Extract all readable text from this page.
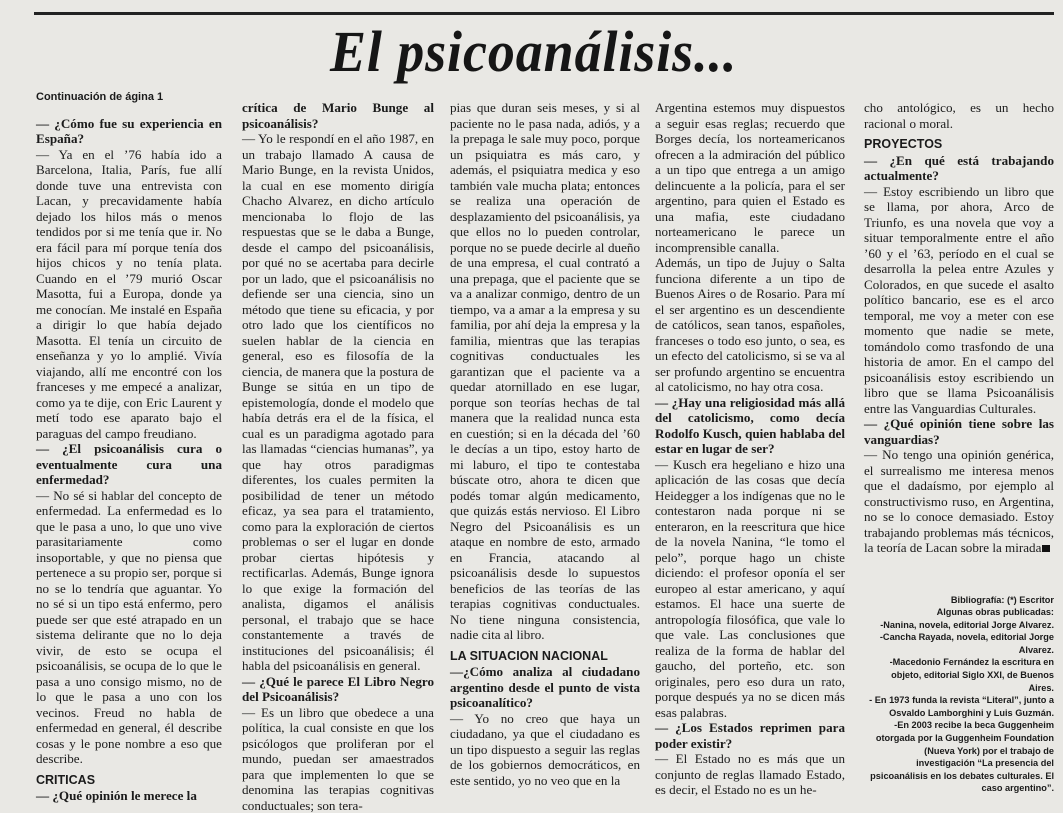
El psicoanálisis...

Continuación de ágina 1

— ¿Cómo fue su experiencia en España?

— Ya en el ’76 había ido a Barcelona, Italia, París, fue allí donde tuve una entrevista con Lacan, y precavidamente había dejado los hilos más o menos tendidos por si me tenía que ir. No era fácil para mí porque tenía dos hijos chicos y no tenía plata. Cuando en el ’79 murió Oscar Masotta, fui a Europa, donde ya me conocían. Me instalé en España a dirigir lo que había dejado Masotta. El tenía un circuito de enseñanza y yo lo amplié. Vivía viajando, allí me encontré con los franceses y me empecé a analizar, como ya te dije, con Eric Laurent y metí todo ese aparato bajo el paraguas del campo freudiano.

— ¿El psicoanálisis cura o eventualmente cura una enfermedad?

— No sé si hablar del concepto de enfermedad. La enfermedad es lo que le pasa a uno, lo que uno vive parasitariamente como insoportable, y que no piensa que pertenece a su propio ser, porque si no se lo tendría que aguantar. Yo no sé si un tipo está enfermo, pero puede ser que esté atrapado en un sistema delirante que no lo deja vivir, de esto se ocupa el psicoanálisis, se ocupa de lo que le pasa a uno consigo mismo, no de lo que le pasa a uno con los vecinos. Freud no habla de enfermedad en general, él describe cosas y le pone nombre a eso que describe.

CRITICAS

— ¿Qué opinión le merece la

crítica de Mario Bunge al psicoanálisis?

— Yo le respondí en el año 1987, en un trabajo llamado A causa de Mario Bunge, en la revista Unidos, la cual en ese momento dirigía Chacho Alvarez, en dicho artículo mencionaba lo flojo de las respuestas que se le daba a Bunge, desde el campo del psicoanálisis, por qué no se acertaba para decirle por un lado, que el psicoanálisis no defiende ser una ciencia, sino un método que tiene su eficacia, y por otro lado que los científicos no suelen hablar de la ciencia en general, eso es filosofía de la ciencia, de manera que la postura de Bunge se sitúa en un tipo de epistemología, donde el modelo que había detrás era el de la física, el cual es un paradigma agotado para las llamadas “ciencias humanas”, ya que hay otros paradigmas diferentes, los cuales permiten la posibilidad de tener un método eficaz, ya sea para el tratamiento, como para la exploración de ciertos problemas o ser el lugar en donde probar ciertas hipótesis y rectificarlas. Además, Bunge ignora lo que exige la formación del analista, digamos el análisis personal, el trabajo que se hace constantemente a través de instituciones del psicoanálisis; él habla del psicoanálisis en general.

— ¿Qué le parece El Libro Negro del Psicoanálisis?

— Es un libro que obedece a una política, la cual consiste en que los psicólogos que proliferan por el mundo, puedan ser amaestrados para que implementen lo que se denomina las terapias cognitivas conductuales; son tera-

pias que duran seis meses, y si al paciente no le pasa nada, adiós, y a la prepaga le sale muy poco, porque un psiquiatra es más caro, y además, el psiquiatra medica y eso también vale mucha plata; entonces se realiza una operación de desplazamiento del psicoanálisis, ya que ellos no lo pueden controlar, porque no se puede decirle al dueño de una empresa, el cual contrató a una prepaga, que el paciente que se va a analizar conmigo, dentro de un tiempo, va a amar a la empresa y su familia, por ahí deja la empresa y la familia, mientras que las terapias cognitivas conductuales les garantizan que el paciente va a quedar atornillado en ese lugar, porque son teorías hechas de tal manera que la realidad nunca esta en cuestión; si en la década del ’60 le decías a un tipo, estoy harto de mi laburo, el tipo te contestaba búscate otro, ahora te dicen que podés tomar algún medicamento, que quizás estás nervioso. El Libro Negro del Psicoanálisis es un ataque en nombre de esto, armado en Francia, atacando al psicoanálisis desde lo supuestos beneficios de las teorías de las terapias cognitivas conductuales. No tiene ninguna consistencia, nadie cita al libro.

LA SITUACION NACIONAL

—¿Cómo analiza al ciudadano argentino desde el punto de vista psicoanalítico?

— Yo no creo que haya un ciudadano, ya que el ciudadano es un tipo dispuesto a seguir las reglas de los gobiernos democráticos, en este sentido, yo no veo que en la

Argentina estemos muy dispuestos a seguir esas reglas; recuerdo que Borges decía, los norteamericanos ofrecen a la admiración del público a un tipo que entrega a un amigo delincuente a la policía, para el ser argentino, para quien el Estado es una mafia, este ciudadano norteamericano le parece un incomprensible canalla.

Además, un tipo de Jujuy o Salta funciona diferente a un tipo de Buenos Aires o de Rosario. Para mí el ser argentino es un descendiente de católicos, sean tanos, españoles, franceses o todo eso junto, o sea, es un efecto del catolicismo, si se va al ser profundo argentino se encuentra al catolicismo, no hay otra cosa.

— ¿Hay una religiosidad más allá del catolicismo, como decía Rodolfo Kusch, quien hablaba del estar en lugar de ser?

— Kusch era hegeliano e hizo una aplicación de las cosas que decía Heidegger a los indígenas que no le contestaron nada porque ni se enteraron, en la reescritura que hice de la novela Nanina, “le tomo el pelo”, porque hago un chiste diciendo: el profesor oponía el ser europeo al estar americano, y aquí estamos. El hace una suerte de antropología filosófica, que vale lo que vale. Las conclusiones que realiza de la forma de hablar del gaucho, del porteño, etc. son originales, pero eso dura un rato, porque después ya no se dicen más esas palabras.

— ¿Los Estados reprimen para poder existir?

— El Estado no es más que un conjunto de reglas llamado Estado, es decir, el Estado no es un he-

cho antológico, es un hecho racional o moral.

PROYECTOS

— ¿En qué está trabajando actualmente?

— Estoy escribiendo un libro que se llama, por ahora, Arco de Triunfo, es una novela que voy a situar temporalmente entre el año ’60 y el ’63, período en el cual se desarrolla la pelea entre Azules y Colorados, en que sucede el asalto político bancario, ese es el arco temporal, me voy a meter con ese momento que nadie se mete, tomándolo como trasfondo de una historia de amor. En el campo del psicoanálisis estoy escribiendo un libro que se llama Psicoanálisis entre las Vanguardias Culturales.

— ¿Qué opinión tiene sobre las vanguardias?

— No tengo una opinión genérica, el surrealismo me interesa menos que el dadaísmo, por ejemplo al constructivismo ruso, en Argentina, no se lo conoce demasiado. Estoy trabajando problemas más técnicos, la teoría de Lacan sobre la mirada

Bibliografía: (*) Escritor
Algunas obras publicadas:
-Nanina, novela, editorial Jorge Alvarez.
-Cancha Rayada, novela, editorial Jorge Alvarez.
-Macedonio Fernández la escritura en objeto, editorial Siglo XXI, de Buenos Aires.
- En 1973 funda la revista “Literal”, junto a Osvaldo Lamborghini y Luis Guzmán.
-En 2003 recibe la beca Guggenheim otorgada por la Guggenheim Foundation (Nueva York) por el trabajo de investigación “La presencia del psicoanálisis en los debates culturales. El caso argentino”.
